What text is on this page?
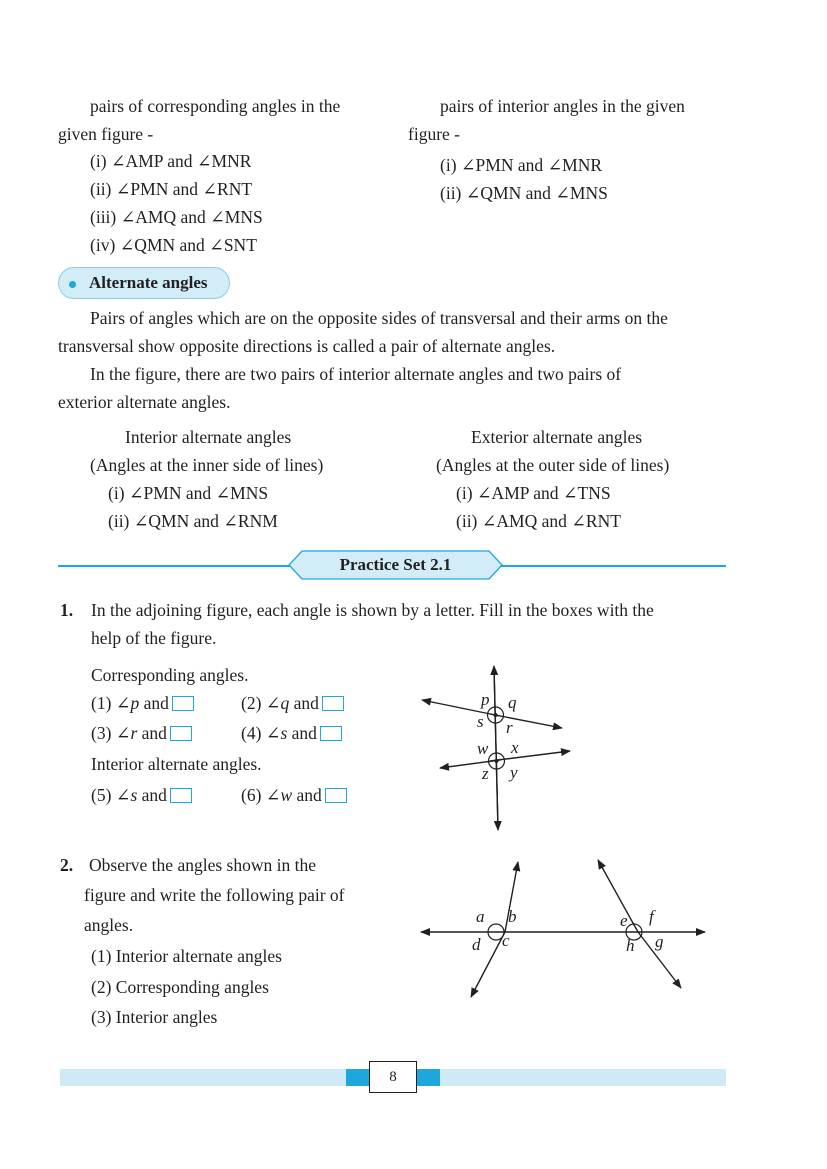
pairs of corresponding angles in the
given figure -
(i) ∠AMP and ∠MNR
(ii) ∠PMN and ∠RNT
(iii) ∠AMQ and ∠MNS
(iv) ∠QMN and ∠SNT
pairs of interior angles in the given
figure -
(i) ∠PMN and ∠MNR
(ii) ∠QMN and ∠MNS
Alternate angles
Pairs of angles which are on the opposite sides of transversal and their arms on the
transversal show opposite directions is called a pair of alternate angles.
In the figure, there are two pairs of interior alternate angles and two pairs of
exterior alternate angles.
Interior alternate angles
(Angles at the inner side of lines)
(i) ∠PMN and ∠MNS
(ii) ∠QMN and ∠RNM
Exterior alternate angles
(Angles at the outer side of lines)
(i) ∠AMP and ∠TNS
(ii) ∠AMQ and ∠RNT
Practice Set 2.1
1. In the adjoining figure, each angle is shown by a letter. Fill in the boxes with the
help of the figure.
Corresponding angles.
(1) ∠p and	(2) ∠q and
(3) ∠r and	(4) ∠s and
Interior alternate angles.
(5) ∠s and	(6) ∠w and
p q
s r
w x
z y
2. Observe the angles shown in the
figure and write the following pair of
angles.
(1) Interior alternate angles
(2) Corresponding angles
(3) Interior angles
a b
d c
e f
h g
8
